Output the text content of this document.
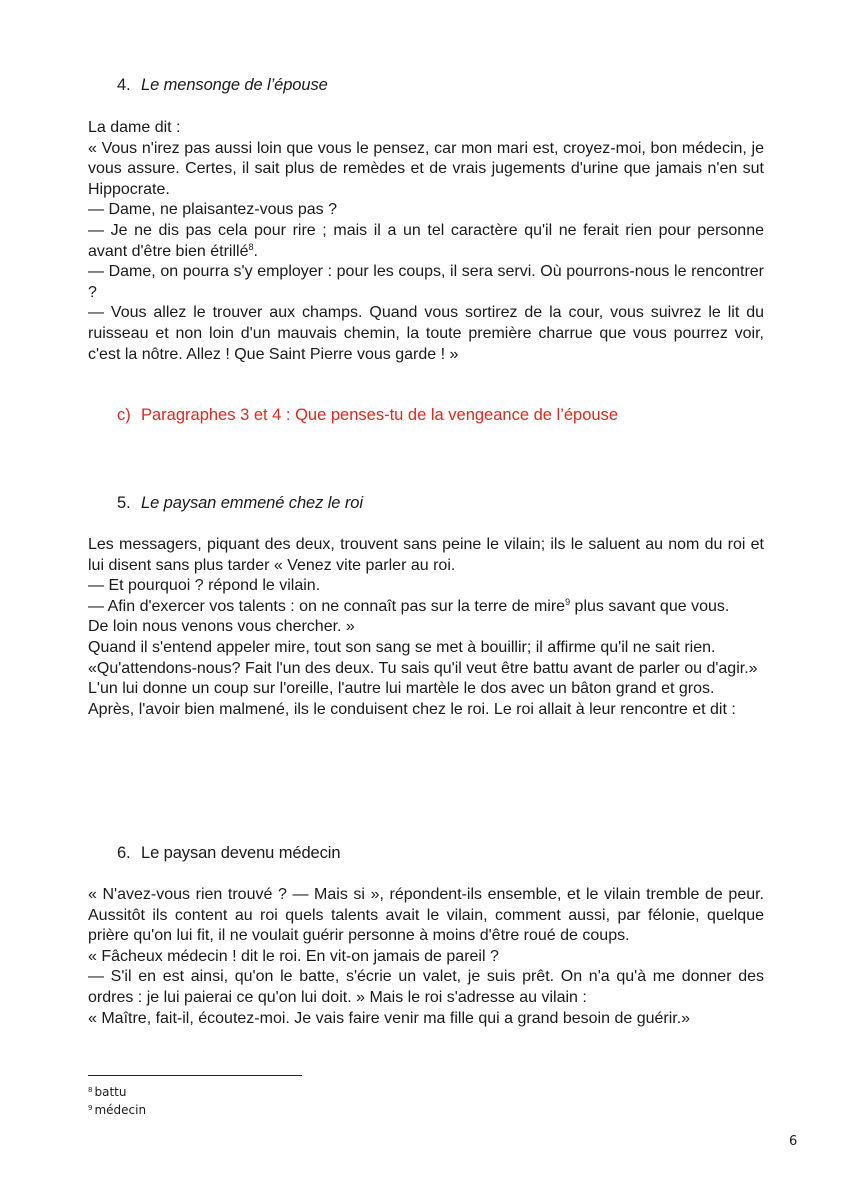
4. Le mensonge de l’épouse

La dame dit :

« Vous n'irez pas aussi loin que vous le pensez, car mon mari est, croyez-moi, bon médecin, je vous assure. Certes, il sait plus de remèdes et de vrais jugements d'urine que jamais n'en sut Hippocrate.

— Dame, ne plaisantez-vous pas ?

— Je ne dis pas cela pour rire ; mais il a un tel caractère qu'il ne ferait rien pour personne avant d'être bien étrillé$^8$.

— Dame, on pourra s'y employer : pour les coups, il sera servi. Où pourrons-nous le rencontrer ?

— Vous allez le trouver aux champs. Quand vous sortirez de la cour, vous suivrez le lit du ruisseau et non loin d'un mauvais chemin, la toute première charrue que vous pourrez voir, c'est la nôtre. Allez ! Que Saint Pierre vous garde ! »

c) Paragraphes 3 et 4 : Que penses-tu de la vengeance de l’épouse
5. Le paysan emmené chez le roi

Les messagers, piquant des deux, trouvent sans peine le vilain; ils le saluent au nom du roi et lui disent sans plus tarder « Venez vite parler au roi.

— Et pourquoi ? répond le vilain.

— Afin d'exercer vos talents : on ne connaît pas sur la terre de mire$^9$ plus savant que vous.

De loin nous venons vous chercher. »

Quand il s'entend appeler mire, tout son sang se met à bouillir; il affirme qu'il ne sait rien.

«Qu'attendons-nous? Fait l'un des deux. Tu sais qu'il veut être battu avant de parler ou d'agir.»

L'un lui donne un coup sur l'oreille, l'autre lui martèle le dos avec un bâton grand et gros.

Après, l'avoir bien malmené, ils le conduisent chez le roi. Le roi allait à leur rencontre et dit :

6. Le paysan devenu médecin

« N'avez-vous rien trouvé ? — Mais si », répondent-ils ensemble, et le vilain tremble de peur. Aussitôt ils content au roi quels talents avait le vilain, comment aussi, par félonie, quelque prière qu'on lui fit, il ne voulait guérir personne à moins d'être roué de coups.

« Fâcheux médecin ! dit le roi. En vit-on jamais de pareil ?

— S'il en est ainsi, qu'on le batte, s'écrie un valet, je suis prêt. On n'a qu'à me donner des ordres : je lui paierai ce qu'on lui doit. » Mais le roi s'adresse au vilain :

« Maître, fait-il, écoutez-moi. Je vais faire venir ma fille qui a grand besoin de guérir.»

$^8$ battu
$^9$ médecin
6
